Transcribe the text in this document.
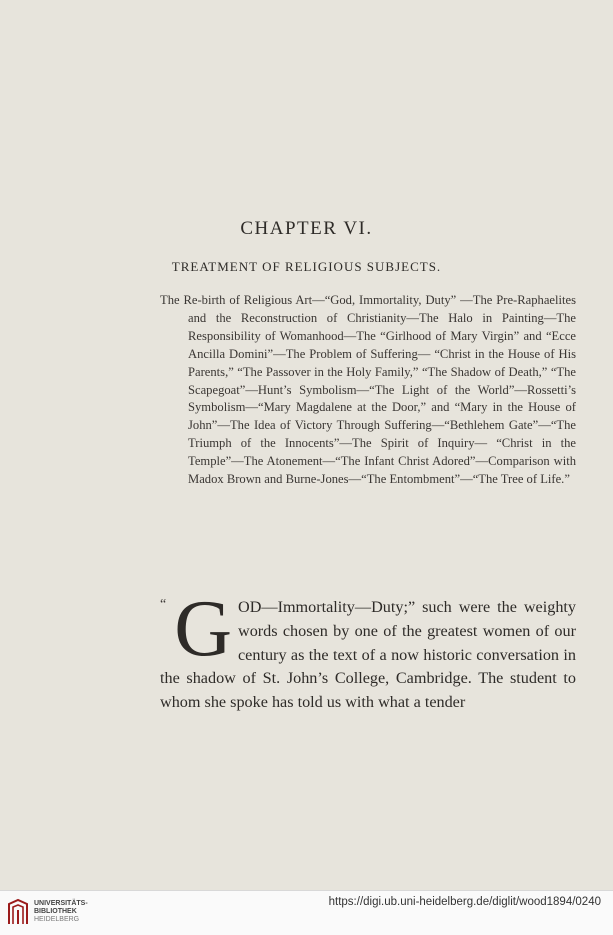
CHAPTER VI.
TREATMENT OF RELIGIOUS SUBJECTS.
The Re-birth of Religious Art—“God, Immortality, Duty” —The Pre-Raphaelites and the Reconstruction of Christianity—The Halo in Painting—The Responsibility of Womanhood—The “Girlhood of Mary Virgin” and “Ecce Ancilla Domini”—The Problem of Suffering— “Christ in the House of His Parents,” “The Passover in the Holy Family,” “The Shadow of Death,” “The Scapegoat”—Hunt’s Symbolism—“The Light of the World”—Rossetti’s Symbolism—“Mary Magdalene at the Door,” and “Mary in the House of John”—The Idea of Victory Through Suffering—“Bethlehem Gate”—“The Triumph of the Innocents”—The Spirit of Inquiry— “Christ in the Temple”—The Atonement—“The Infant Christ Adored”—Comparison with Madox Brown and Burne-Jones—“The Entombment”—“The Tree of Life.”
“ G OD—Immortality—Duty;” such were the weighty words chosen by one of the greatest women of our century as the text of a now historic conversation in the shadow of St. John’s College, Cambridge. The student to whom she spoke has told us with what a tender
UNIVERSITÄTS-
BIBLIOTHEK
HEIDELBERG
https://digi.ub.uni-heidelberg.de/diglit/wood1894/0240
